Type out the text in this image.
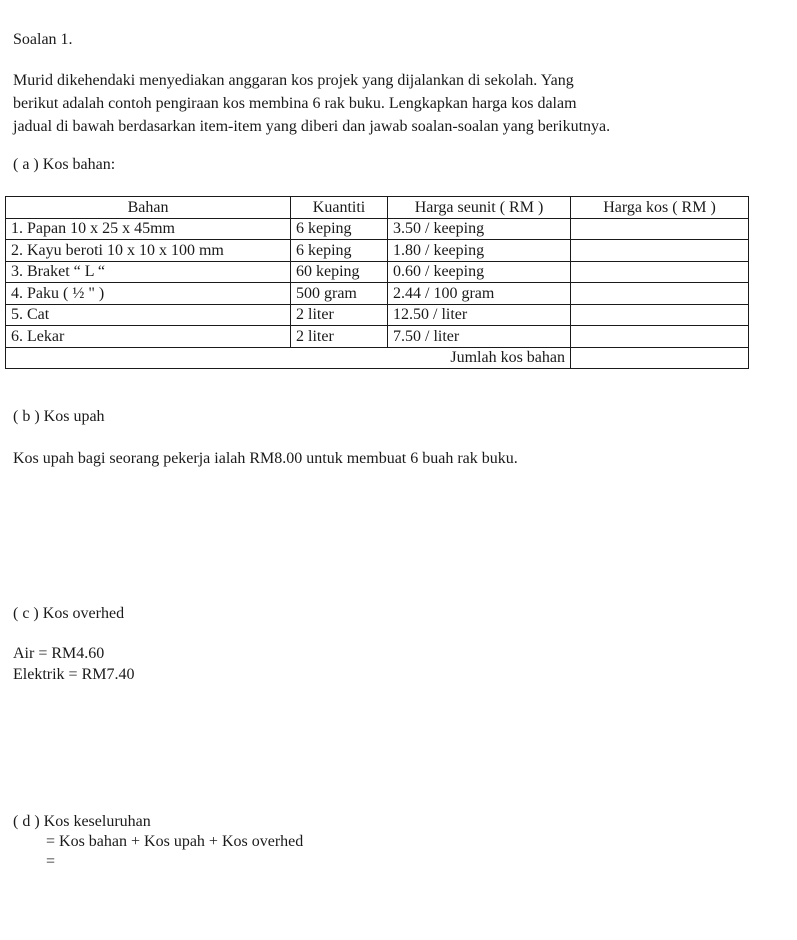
Soalan 1.

Murid dikehendaki menyediakan anggaran kos projek yang dijalankan di sekolah. Yang
berikut adalah contoh pengiraan kos membina 6 rak buku. Lengkapkan harga kos dalam
jadual di bawah berdasarkan item-item yang diberi dan jawab soalan-soalan yang berikutnya.

( a ) Kos bahan:

Bahan	Kuantiti	Harga seunit ( RM )	Harga kos ( RM )
1. Papan 10 x 25 x 45mm	6 keping	3.50 / keeping	
2. Kayu beroti 10 x 10 x 100 mm	6 keping	1.80 / keeping	
3. Braket “ L “	60 keping	0.60 / keeping	
4. Paku ( ½ " )	500 gram	2.44 / 100 gram	
5. Cat	2 liter	12.50 / liter	
6. Lekar	2 liter	7.50 / liter	
Jumlah kos bahan			

( b ) Kos upah

Kos upah bagi seorang pekerja ialah RM8.00 untuk membuat 6 buah rak buku.

( c ) Kos overhed

Air = RM4.60

Elektrik = RM7.40

( d ) Kos keseluruhan

= Kos bahan + Kos upah + Kos overhed

=
